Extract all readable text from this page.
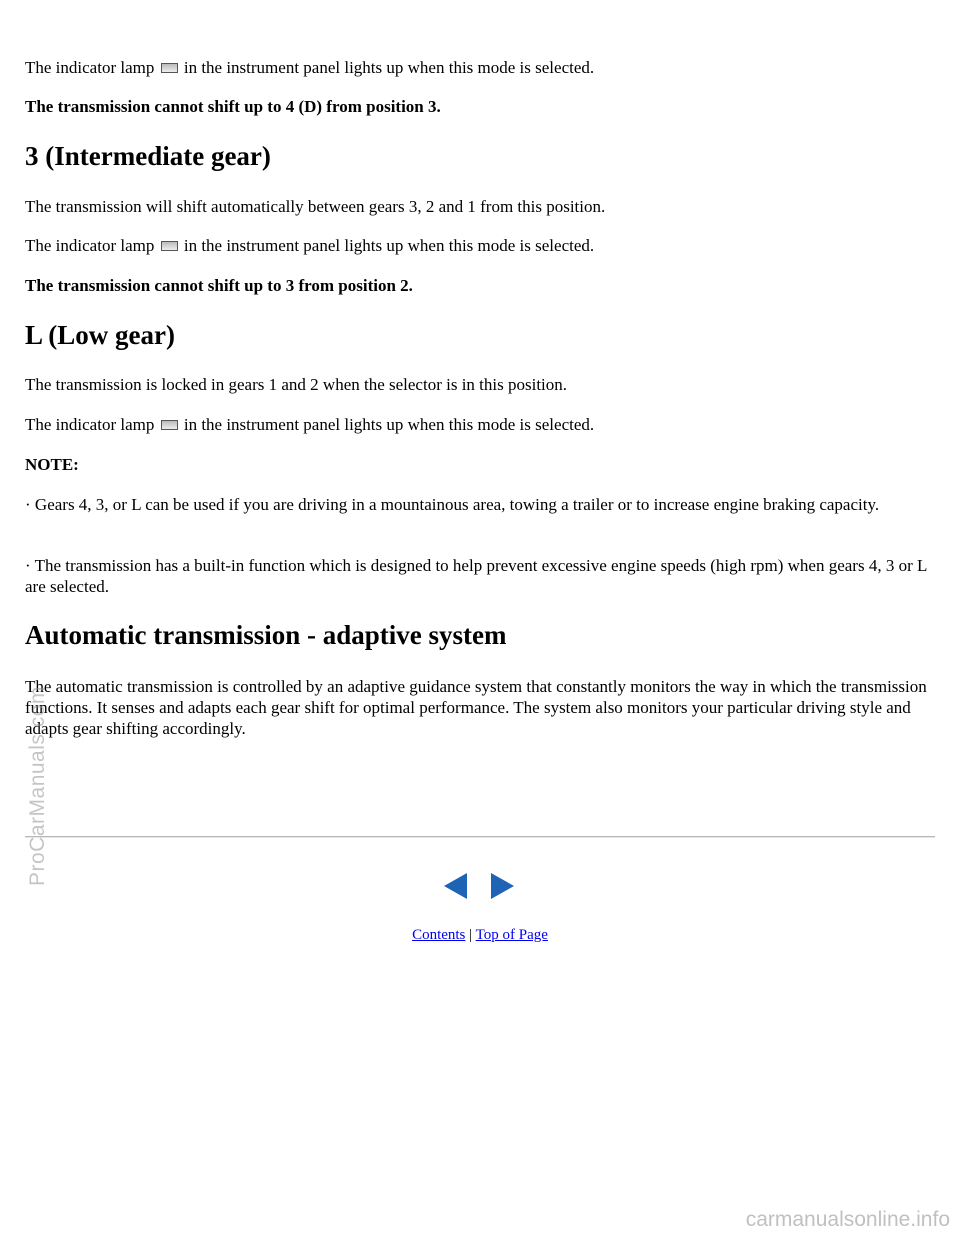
The indicator lamp in the instrument panel lights up when this mode is selected.

The transmission cannot shift up to 4 (D) from position 3.

3 (Intermediate gear)

The transmission will shift automatically between gears 3, 2 and 1 from this position.

The indicator lamp in the instrument panel lights up when this mode is selected.

The transmission cannot shift up to 3 from position 2.

L (Low gear)

The transmission is locked in gears 1 and 2 when the selector is in this position.

The indicator lamp in the instrument panel lights up when this mode is selected.

NOTE:

· Gears 4, 3, or L can be used if you are driving in a mountainous area, towing a trailer or to increase engine braking capacity.

· The transmission has a built-in function which is designed to help prevent excessive engine speeds (high rpm) when gears 4, 3 or L are selected.

Automatic transmission - adaptive system

The automatic transmission is controlled by an adaptive guidance system that constantly monitors the way in which the transmission functions. It senses and adapts each gear shift for optimal performance. The system also monitors your particular driving style and adapts gear shifting accordingly.

Contents | Top of Page
ProCarManuals.com
carmanualsonline.info
